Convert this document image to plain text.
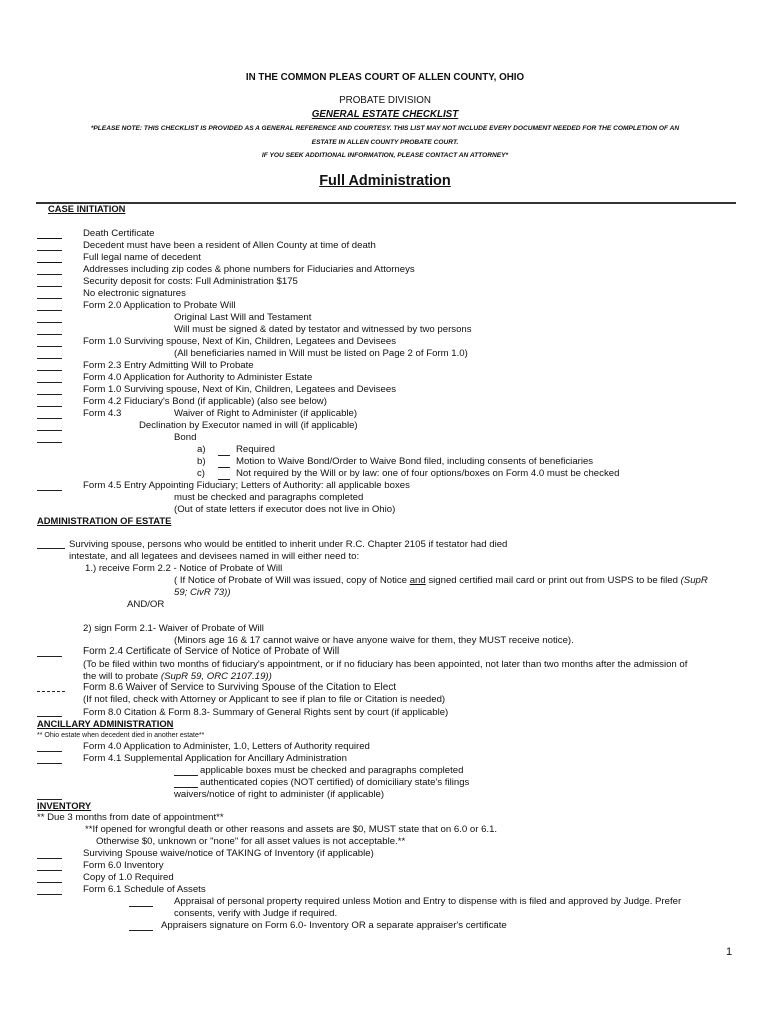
IN THE COMMON PLEAS COURT OF ALLEN COUNTY, OHIO
PROBATE DIVISION
GENERAL ESTATE CHECKLIST
*PLEASE NOTE: THIS CHECKLIST IS PROVIDED AS A GENERAL REFERENCE AND COURTESY. THIS LIST MAY NOT INCLUDE EVERY DOCUMENT NEEDED FOR THE COMPLETION OF AN
ESTATE IN ALLEN COUNTY PROBATE COURT.
IF YOU SEEK ADDITIONAL INFORMATION, PLEASE CONTACT AN ATTORNEY*
Full Administration
CASE INITIATION
Death Certificate
Decedent must have been a resident of Allen County at time of death
Full legal name of decedent
Addresses including zip codes & phone numbers for Fiduciaries and Attorneys
Security deposit for costs: Full Administration $175
No electronic signatures
Form 2.0 Application to Probate Will
Original Last Will and Testament
Will must be signed & dated by testator and witnessed by two persons
Form 1.0 Surviving spouse, Next of Kin, Children, Legatees and Devisees
(All beneficiaries named in Will must be listed on Page 2 of Form 1.0)
Form 2.3 Entry Admitting Will to Probate
Form 4.0 Application for Authority to Administer Estate
Form 1.0 Surviving spouse, Next of Kin, Children, Legatees and Devisees
Form 4.2 Fiduciary's Bond (if applicable) (also see below)
Form 4.3	Waiver of Right to Administer (if applicable)
Declination by Executor named in will (if applicable)
Bond
a)	Required
b)	Motion to Waive Bond/Order to Waive Bond filed, including consents of beneficiaries
c)	Not required by the Will or by law: one of four options/boxes on Form 4.0 must be checked
Form 4.5 Entry Appointing Fiduciary; Letters of Authority: all applicable boxes
must be checked and paragraphs completed
(Out of state letters if executor does not live in Ohio)
ADMINISTRATION OF ESTATE
Surviving spouse, persons who would be entitled to inherit under R.C. Chapter 2105 if testator had died
intestate, and all legatees and devisees named in will either need to:
1.) receive Form 2.2 - Notice of Probate of Will
( If Notice of Probate of Will was issued, copy of Notice and signed certified mail card or print out from USPS to be filed (SupR
59; CivR 73))
AND/OR
2) sign Form 2.1- Waiver of Probate of Will
(Minors age 16 & 17 cannot waive or have anyone waive for them, they MUST receive notice).
Form 2.4 Certificate of Service of Notice of Probate of Will
(To be filed within two months of fiduciary's appointment, or if no fiduciary has been appointed, not later than two months after the admission of
the will to probate (SupR 59, ORC 2107.19))
Form 8.6 Waiver of Service to Surviving Spouse of the Citation to Elect
(If not filed, check with Attorney or Applicant to see if plan to file or Citation is needed)
Form 8.0 Citation & Form 8.3- Summary of General Rights sent by court (if applicable)
ANCILLARY ADMINISTRATION
** Ohio estate when decedent died in another estate**
Form 4.0 Application to Administer, 1.0, Letters of Authority required
Form 4.1 Supplemental Application for Ancillary Administration
applicable boxes must be checked and paragraphs completed
authenticated copies (NOT certified) of domiciliary state's filings
waivers/notice of right to administer (if applicable)
INVENTORY
** Due 3 months from date of appointment**
**If opened for wrongful death or other reasons and assets are $0, MUST state that on 6.0 or 6.1.
Otherwise $0, unknown or "none" for all asset values is not acceptable.**
Surviving Spouse waive/notice of TAKING of Inventory (if applicable)
Form 6.0 Inventory
Copy of 1.0 Required
Form 6.1 Schedule of Assets
Appraisal of personal property required unless Motion and Entry to dispense with is filed and approved by Judge. Prefer
consents, verify with Judge if required.
Appraisers signature on Form 6.0- Inventory OR a separate appraiser's certificate
1
